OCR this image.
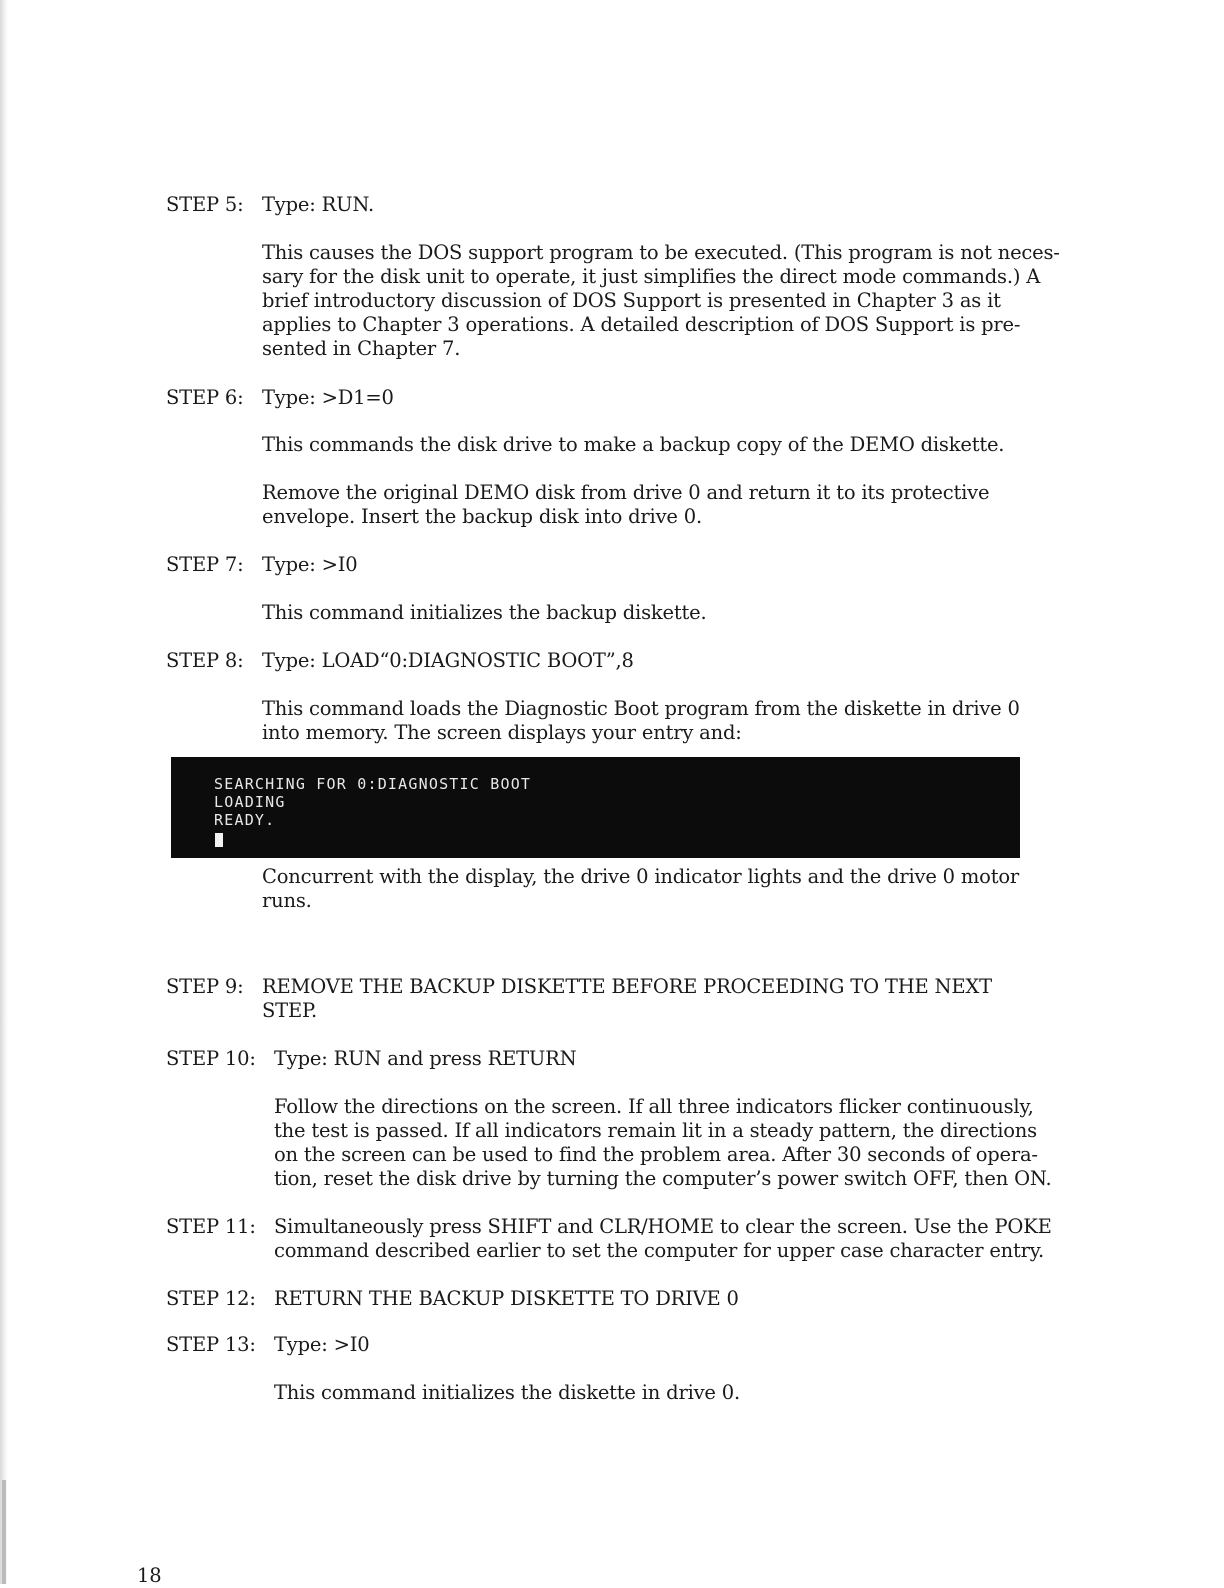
STEP 5: Type: RUN.

This causes the DOS support program to be executed. (This program is not neces-

sary for the disk unit to operate, it just simplifies the direct mode commands.) A

brief introductory discussion of DOS Support is presented in Chapter 3 as it

applies to Chapter 3 operations. A detailed description of DOS Support is pre-

sented in Chapter 7.

STEP 6: Type: >D1=0

This commands the disk drive to make a backup copy of the DEMO diskette.

Remove the original DEMO disk from drive 0 and return it to its protective

envelope. Insert the backup disk into drive 0.

STEP 7: Type: >I0

This command initializes the backup diskette.

STEP 8: Type: LOAD“0:DIAGNOSTIC BOOT”,8

This command loads the Diagnostic Boot program from the diskette in drive 0

into memory. The screen displays your entry and:

SEARCHING FOR 0:DIAGNOSTIC BOOT

LOADING

READY.

Concurrent with the display, the drive 0 indicator lights and the drive 0 motor

runs.

STEP 9: REMOVE THE BACKUP DISKETTE BEFORE PROCEEDING TO THE NEXT

STEP.

STEP 10: Type: RUN and press RETURN

Follow the directions on the screen. If all three indicators flicker continuously,

the test is passed. If all indicators remain lit in a steady pattern, the directions

on the screen can be used to find the problem area. After 30 seconds of opera-

tion, reset the disk drive by turning the computer’s power switch OFF, then ON.

STEP 11: Simultaneously press SHIFT and CLR/HOME to clear the screen. Use the POKE

command described earlier to set the computer for upper case character entry.

STEP 12: RETURN THE BACKUP DISKETTE TO DRIVE 0

STEP 13: Type: >I0

This command initializes the diskette in drive 0.

18
